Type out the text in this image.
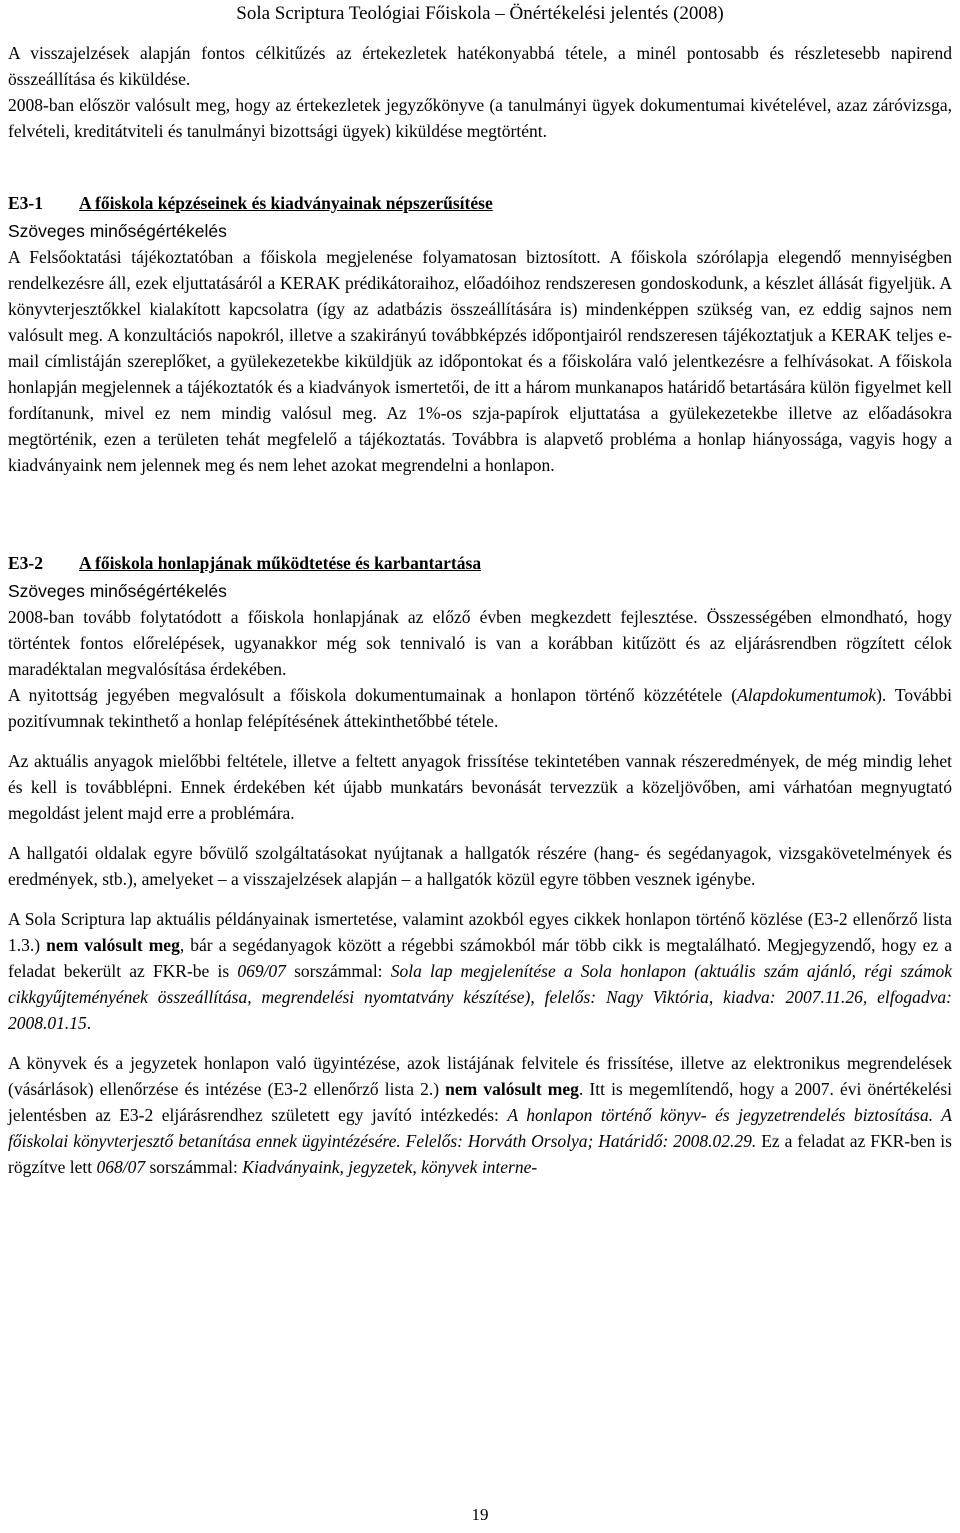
Sola Scriptura Teológiai Főiskola – Önértékelési jelentés (2008)

A visszajelzések alapján fontos célkitűzés az értekezletek hatékonyabbá tétele, a minél pontosabb és részletesebb napirend összeállítása és kiküldése.

2008-ban először valósult meg, hogy az értekezletek jegyzőkönyve (a tanulmányi ügyek dokumentumai kivételével, azaz záróvizsga, felvételi, kreditátviteli és tanulmányi bizottsági ügyek) kiküldése megtörtént.

E3-1 A főiskola képzéseinek és kiadványainak népszerűsítése
Szöveges minőségértékelés

A Felsőoktatási tájékoztatóban a főiskola megjelenése folyamatosan biztosított. A főiskola szórólapja elegendő mennyiségben rendelkezésre áll, ezek eljuttatásáról a KERAK prédikátoraihoz, előadóihoz rendszeresen gondoskodunk, a készlet állását figyeljük. A könyvterjesztőkkel kialakított kapcsolatra (így az adatbázis összeállítására is) mindenképpen szükség van, ez eddig sajnos nem valósult meg. A konzultációs napokról, illetve a szakirányú továbbképzés időpontjairól rendszeresen tájékoztatjuk a KERAK teljes e-mail címlistáján szereplőket, a gyülekezetekbe kiküldjük az időpontokat és a főiskolára való jelentkezésre a felhívásokat. A főiskola honlapján megjelennek a tájékoztatók és a kiadványok ismertetői, de itt a három munkanapos határidő betartására külön figyelmet kell fordítanunk, mivel ez nem mindig valósul meg. Az 1%-os szja-papírok eljuttatása a gyülekezetekbe illetve az előadásokra megtörténik, ezen a területen tehát megfelelő a tájékoztatás. Továbbra is alapvető probléma a honlap hiányossága, vagyis hogy a kiadványaink nem jelennek meg és nem lehet azokat megrendelni a honlapon.

E3-2 A főiskola honlapjának működtetése és karbantartása
Szöveges minőségértékelés

2008-ban tovább folytatódott a főiskola honlapjának az előző évben megkezdett fejlesztése. Összességében elmondható, hogy történtek fontos előrelépések, ugyanakkor még sok tennivaló is van a korábban kitűzött és az eljárásrendben rögzített célok maradéktalan megvalósítása érdekében.

A nyitottság jegyében megvalósult a főiskola dokumentumainak a honlapon történő közzététele (Alapdokumentumok). További pozitívumnak tekinthető a honlap felépítésének áttekinthetőbbé tétele.

Az aktuális anyagok mielőbbi feltétele, illetve a feltett anyagok frissítése tekintetében vannak részeredmények, de még mindig lehet és kell is továbblépni. Ennek érdekében két újabb munkatárs bevonását tervezzük a közeljövőben, ami várhatóan megnyugtató megoldást jelent majd erre a problémára.

A hallgatói oldalak egyre bővülő szolgáltatásokat nyújtanak a hallgatók részére (hang- és segédanyagok, vizsgakövetelmények és eredmények, stb.), amelyeket – a visszajelzések alapján – a hallgatók közül egyre többen vesznek igénybe.

A Sola Scriptura lap aktuális példányainak ismertetése, valamint azokból egyes cikkek honlapon történő közlése (E3-2 ellenőrző lista 1.3.) nem valósult meg, bár a segédanyagok között a régebbi számokból már több cikk is megtalálható. Megjegyzendő, hogy ez a feladat bekerült az FKR-be is 069/07 sorszámmal: Sola lap megjelenítése a Sola honlapon (aktuális szám ajánló, régi számok cikkgyűjteményének összeállítása, megrendelési nyomtatvány készítése), felelős: Nagy Viktória, kiadva: 2007.11.26, elfogadva: 2008.01.15.

A könyvek és a jegyzetek honlapon való ügyintézése, azok listájának felvitele és frissítése, illetve az elektronikus megrendelések (vásárlások) ellenőrzése és intézése (E3-2 ellenőrző lista 2.) nem valósult meg. Itt is megemlítendő, hogy a 2007. évi önértékelési jelentésben az E3-2 eljárásrendhez született egy javító intézkedés: A honlapon történő könyv- és jegyzetrendelés biztosítása. A főiskolai könyvterjesztő betanítása ennek ügyintézésére. Felelős: Horváth Orsolya; Határidő: 2008.02.29. Ez a feladat az FKR-ben is rögzítve lett 068/07 sorszámmal: Kiadványaink, jegyzetek, könyvek interne-

19
